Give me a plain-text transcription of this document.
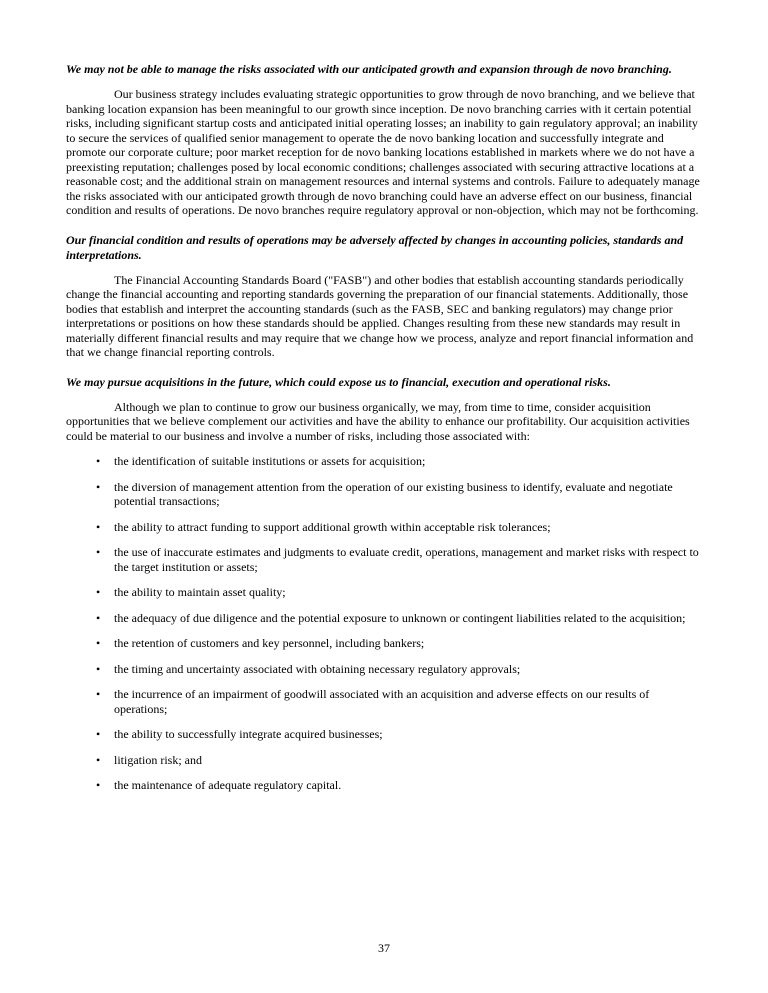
We may not be able to manage the risks associated with our anticipated growth and expansion through de novo branching.

Our business strategy includes evaluating strategic opportunities to grow through de novo branching, and we believe that banking location expansion has been meaningful to our growth since inception. De novo branching carries with it certain potential risks, including significant startup costs and anticipated initial operating losses; an inability to gain regulatory approval; an inability to secure the services of qualified senior management to operate the de novo banking location and successfully integrate and promote our corporate culture; poor market reception for de novo banking locations established in markets where we do not have a preexisting reputation; challenges posed by local economic conditions; challenges associated with securing attractive locations at a reasonable cost; and the additional strain on management resources and internal systems and controls. Failure to adequately manage the risks associated with our anticipated growth through de novo branching could have an adverse effect on our business, financial condition and results of operations. De novo branches require regulatory approval or non-objection, which may not be forthcoming.

Our financial condition and results of operations may be adversely affected by changes in accounting policies, standards and interpretations.

The Financial Accounting Standards Board ("FASB") and other bodies that establish accounting standards periodically change the financial accounting and reporting standards governing the preparation of our financial statements. Additionally, those bodies that establish and interpret the accounting standards (such as the FASB, SEC and banking regulators) may change prior interpretations or positions on how these standards should be applied. Changes resulting from these new standards may result in materially different financial results and may require that we change how we process, analyze and report financial information and that we change financial reporting controls.

We may pursue acquisitions in the future, which could expose us to financial, execution and operational risks.

Although we plan to continue to grow our business organically, we may, from time to time, consider acquisition opportunities that we believe complement our activities and have the ability to enhance our profitability. Our acquisition activities could be material to our business and involve a number of risks, including those associated with:

• the identification of suitable institutions or assets for acquisition;
• the diversion of management attention from the operation of our existing business to identify, evaluate and negotiate potential transactions;
• the ability to attract funding to support additional growth within acceptable risk tolerances;
• the use of inaccurate estimates and judgments to evaluate credit, operations, management and market risks with respect to the target institution or assets;
• the ability to maintain asset quality;
• the adequacy of due diligence and the potential exposure to unknown or contingent liabilities related to the acquisition;
• the retention of customers and key personnel, including bankers;
• the timing and uncertainty associated with obtaining necessary regulatory approvals;
• the incurrence of an impairment of goodwill associated with an acquisition and adverse effects on our results of operations;
• the ability to successfully integrate acquired businesses;
• litigation risk; and
• the maintenance of adequate regulatory capital.
37
